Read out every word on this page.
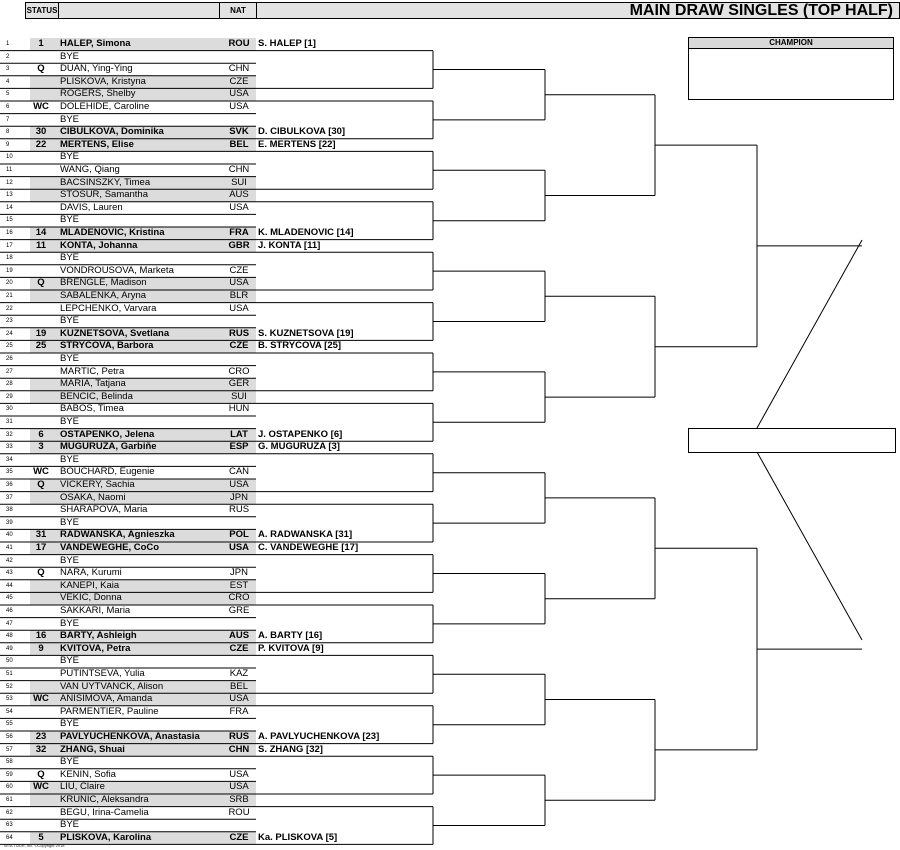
STATUS	NAT	MAIN DRAW SINGLES (TOP HALF)
1	1	HALEP, Simona	ROU
2	BYE
3	Q	DUAN, Ying-Ying	CHN
4	PLISKOVA, Kristyna	CZE
5	ROGERS, Shelby	USA
6	WC	DOLEHIDE, Caroline	USA
7	BYE
8	30	CIBULKOVA, Dominika	SVK
9	22	MERTENS, Elise	BEL
10	BYE
11	WANG, Qiang	CHN
12	BACSINSZKY, Timea	SUI
13	STOSUR, Samantha	AUS
14	DAVIS, Lauren	USA
15	BYE
16	14	MLADENOVIC, Kristina	FRA
17	11	KONTA, Johanna	GBR
18	BYE
19	VONDROUSOVA, Marketa	CZE
20	Q	BRENGLE, Madison	USA
21	SABALENKA, Aryna	BLR
22	LEPCHENKO, Varvara	USA
23	BYE
24	19	KUZNETSOVA, Svetlana	RUS
25	25	STRYCOVA, Barbora	CZE
26	BYE
27	MARTIC, Petra	CRO
28	MARIA, Tatjana	GER
29	BENCIC, Belinda	SUI
30	BABOS, Timea	HUN
31	BYE
32	6	OSTAPENKO, Jelena	LAT
33	3	MUGURUZA, Garbiñe	ESP
34	BYE
35	WC	BOUCHARD, Eugenie	CAN
36	Q	VICKERY, Sachia	USA
37	OSAKA, Naomi	JPN
38	SHARAPOVA, Maria	RUS
39	BYE
40	31	RADWANSKA, Agnieszka	POL
41	17	VANDEWEGHE, CoCo	USA
42	BYE
43	Q	NARA, Kurumi	JPN
44	KANEPI, Kaia	EST
45	VEKIC, Donna	CRO
46	SAKKARI, Maria	GRE
47	BYE
48	16	BARTY, Ashleigh	AUS
49	9	KVITOVA, Petra	CZE
50	BYE
51	PUTINTSEVA, Yulia	KAZ
52	VAN UYTVANCK, Alison	BEL
53	WC	ANISIMOVA, Amanda	USA
54	PARMENTIER, Pauline	FRA
55	BYE
56	23	PAVLYUCHENKOVA, Anastasia	RUS
57	32	ZHANG, Shuai	CHN
58	BYE
59	Q	KENIN, Sofia	USA
60	WC	LIU, Claire	USA
61	KRUNIC, Aleksandra	SRB
62	BEGU, Irina-Camelia	ROU
63	BYE
64	5	PLISKOVA, Karolina	CZE
S. HALEP [1]
D. CIBULKOVA [30]
E. MERTENS [22]
K. MLADENOVIC [14]
J. KONTA [11]
S. KUZNETSOVA [19]
B. STRYCOVA [25]
J. OSTAPENKO [6]
G. MUGURUZA [3]
A. RADWANSKA [31]
C. VANDEWEGHE [17]
A. BARTY [16]
P. KVITOVA [9]
A. PAVLYUCHENKOVA [23]
S. ZHANG [32]
Ka. PLISKOVA [5]
CHAMPION
WTA TOUR, Inc. ©Copyright 2018
